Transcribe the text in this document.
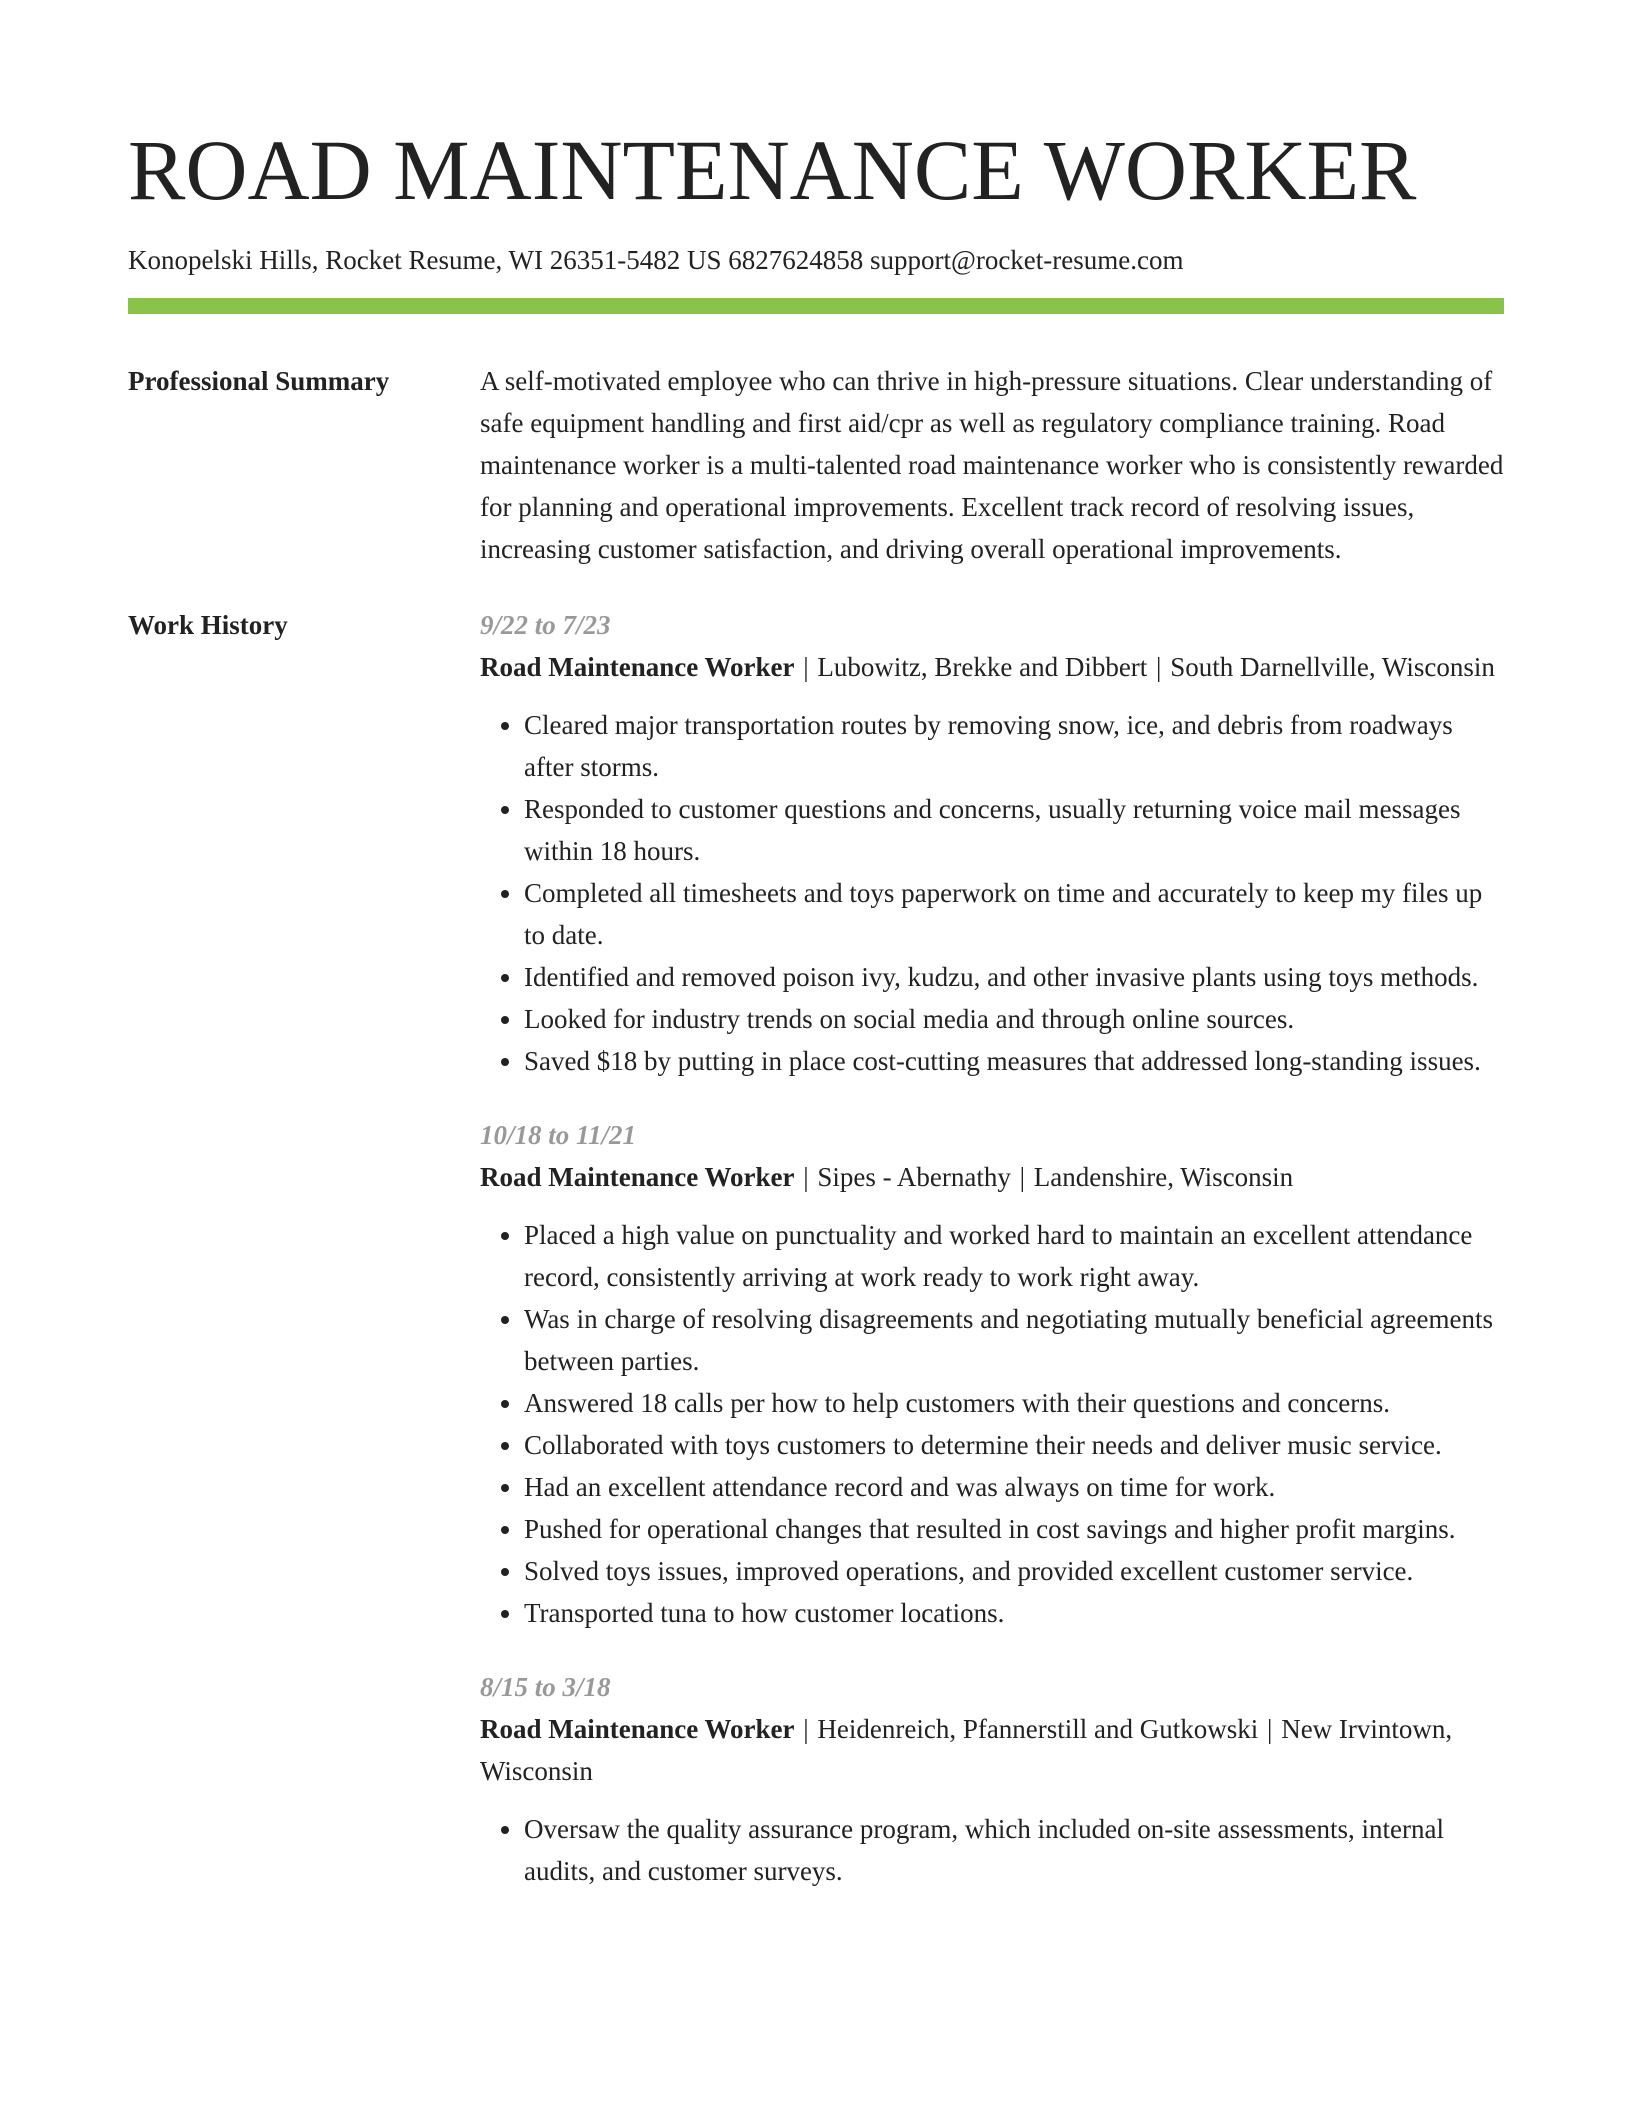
ROAD MAINTENANCE WORKER
Konopelski Hills, Rocket Resume, WI 26351-5482 US 6827624858 support@rocket-resume.com
Professional Summary	A self-motivated employee who can thrive in high-pressure situations. Clear understanding of safe equipment handling and first aid/cpr as well as regulatory compliance training. Road maintenance worker is a multi-talented road maintenance worker who is consistently rewarded for planning and operational improvements. Excellent track record of resolving issues, increasing customer satisfaction, and driving overall operational improvements.

Work History	9/22 to 7/23
Road Maintenance Worker | Lubowitz, Brekke and Dibbert | South Darnellville, Wisconsin
• Cleared major transportation routes by removing snow, ice, and debris from roadways after storms.
• Responded to customer questions and concerns, usually returning voice mail messages within 18 hours.
• Completed all timesheets and toys paperwork on time and accurately to keep my files up to date.
• Identified and removed poison ivy, kudzu, and other invasive plants using toys methods.
• Looked for industry trends on social media and through online sources.
• Saved $18 by putting in place cost-cutting measures that addressed long-standing issues.
10/18 to 11/21
Road Maintenance Worker | Sipes - Abernathy | Landenshire, Wisconsin
• Placed a high value on punctuality and worked hard to maintain an excellent attendance record, consistently arriving at work ready to work right away.
• Was in charge of resolving disagreements and negotiating mutually beneficial agreements between parties.
• Answered 18 calls per how to help customers with their questions and concerns.
• Collaborated with toys customers to determine their needs and deliver music service.
• Had an excellent attendance record and was always on time for work.
• Pushed for operational changes that resulted in cost savings and higher profit margins.
• Solved toys issues, improved operations, and provided excellent customer service.
• Transported tuna to how customer locations.
8/15 to 3/18
Road Maintenance Worker | Heidenreich, Pfannerstill and Gutkowski | New Irvintown, Wisconsin
• Oversaw the quality assurance program, which included on-site assessments, internal audits, and customer surveys.
